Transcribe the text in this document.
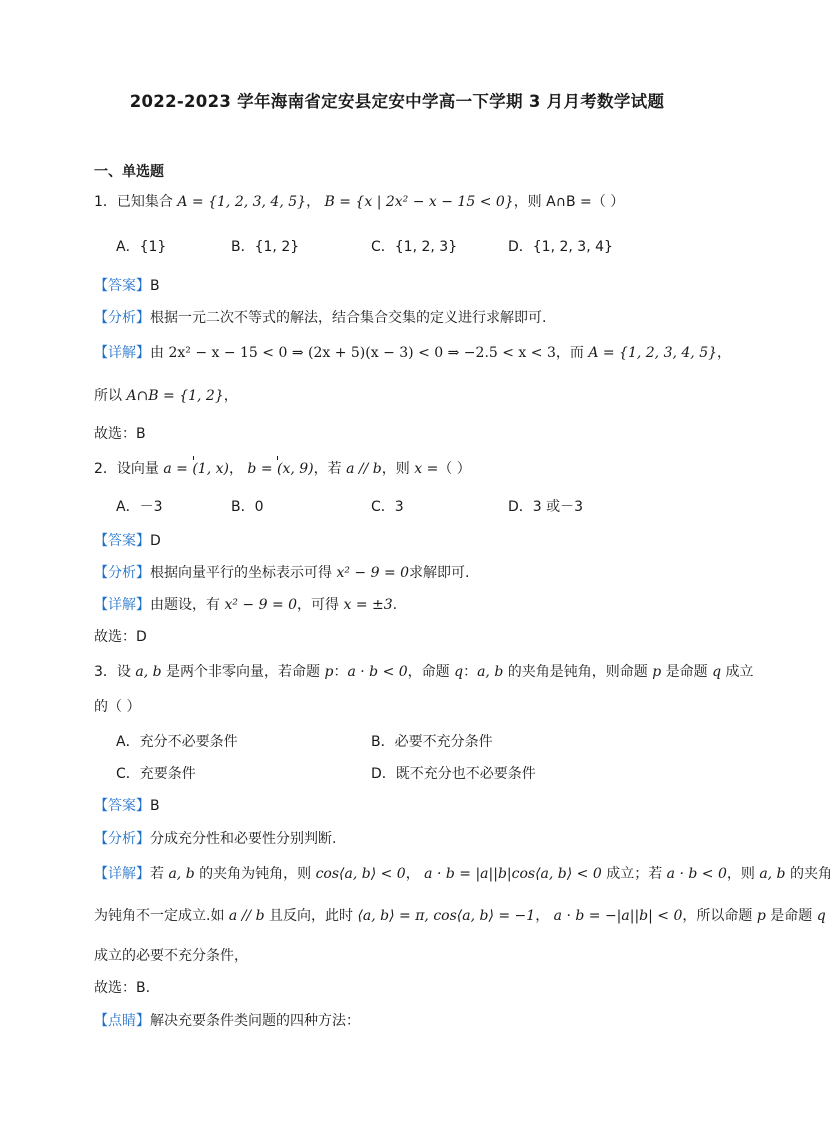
2022-2023 学年海南省定安县定安中学高一下学期 3 月月考数学试题
一、单选题
1．已知集合 A = {1, 2, 3, 4, 5}， B = {x | 2x² − x − 15 < 0}，则 A∩B =（ ）
A．{1}	B．{1, 2}	C．{1, 2, 3}	D．{1, 2, 3, 4}
【答案】B
【分析】根据一元二次不等式的解法，结合集合交集的定义进行求解即可.
【详解】由 2x² − x − 15 < 0 ⇒ (2x + 5)(x − 3) < 0 ⇒ −2.5 < x < 3，而 A = {1, 2, 3, 4, 5}，
所以 A∩B = {1, 2}，
故选：B
2．设向量 a = (1, x)， b = (x, 9)，若 a // b，则 x =（ ）
A．－3	B．0	C．3	D．3 或－3
【答案】D
【分析】根据向量平行的坐标表示可得 x² − 9 = 0求解即可.
【详解】由题设，有 x² − 9 = 0，可得 x = ±3.
故选：D
3．设 a, b 是两个非零向量，若命题 p：a · b < 0，命题 q：a, b 的夹角是钝角，则命题 p 是命题 q 成立
的（ ）
A．充分不必要条件	B．必要不充分条件
C．充要条件	D．既不充分也不必要条件
【答案】B
【分析】分成充分性和必要性分别判断.
【详解】若 a, b 的夹角为钝角，则 cos⟨a, b⟩ < 0， a · b = |a||b|cos⟨a, b⟩ < 0 成立；若 a · b < 0，则 a, b 的夹角
为钝角不一定成立.如 a // b 且反向，此时 ⟨a, b⟩ = π, cos⟨a, b⟩ = −1， a · b = −|a||b| < 0，所以命题 p 是命题 q
成立的必要不充分条件，
故选：B.
【点睛】解决充要条件类问题的四种方法：
